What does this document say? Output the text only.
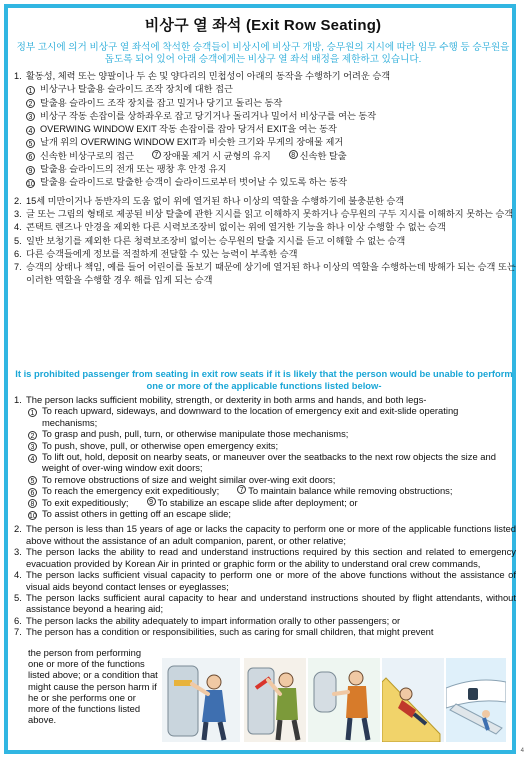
비상구 열 좌석 (Exit Row Seating)
정부 고시에 의거 비상구 열 좌석에 착석한 승객들이 비상시에 비상구 개방, 승무원의 지시에 따라 임무 수행 등 승무원을 돕도록 되어 있어 아래 승객에게는 비상구 열 좌석 배정을 제한하고 있습니다.
1. 활동성, 체력 또는 양팔이나 두 손 및 양다리의 민첩성이 아래의 동작을 수행하기 어려운 승객
1 비상구나 탈출용 슬라이드 조작 장치에 대한 접근
2 탈출용 슬라이드 조작 장치를 잡고 밀거나 당기고 돌리는 동작
3 비상구 작동 손잡이를 상하좌우로 잡고 당기거나 돌리거나 밀어서 비상구를 여는 동작
4 OVERWING WINDOW EXIT 작동 손잡이를 잡아 당겨서 EXIT을 여는 동작
5 날개 위의 OVERWING WINDOW EXIT과 비슷한 크기와 무게의 장애물 제거
6 신속한 비상구로의 접근	7 장애물 제거 시 균형의 유지	8 신속한 탈출
9 탈출용 슬라이드의 전개 또는 팽창 후 안정 유지
10 탈출용 슬라이드로 탈출한 승객이 슬라이드로부터 벗어날 수 있도록 하는 동작
2. 15세 미만이거나 동반자의 도움 없이 위에 열거된 하나 이상의 역할을 수행하기에 불충분한 승객
3. 글 또는 그림의 형태로 제공된 비상 탈출에 관한 지시를 읽고 이해하지 못하거나 승무원의 구두 지시를 이해하지 못하는 승객
4. 콘택트 렌즈나 안경을 제외한 다른 시력보조장비 없이는 위에 열거한 기능을 하나 이상 수행할 수 없는 승객
5. 일반 보청기를 제외한 다른 청력보조장비 없이는 승무원의 탈출 지시를 듣고 이해할 수 없는 승객
6. 다른 승객들에게 정보를 적절하게 전달할 수 있는 능력이 부족한 승객
7. 승객의 상태나 책임, 예를 들어 어린이를 돌보기 때문에 상기에 열거된 하나 이상의 역할을 수행하는데 방해가 되는 승객 또는 이러한 역할을 수행할 경우 해를 입게 되는 승객
It is prohibited passenger from seating in exit row seats if it is likely that the person would be unable to perform one or more of the applicable functions listed below-
1. The person lacks sufficient mobility, strength, or dexterity in both arms and hands, and both legs-
1 To reach upward, sideways, and downward to the location of emergency exit and exit-slide operating mechanisms;
2 To grasp and push, pull, turn, or otherwise manipulate those mechanisms;
3 To push, shove, pull, or otherwise open emergency exits;
4 To lift out, hold, deposit on nearby seats, or maneuver over the seatbacks to the next row objects the size and weight of over-wing window exit doors;
5 To remove obstructions of size and weight similar over-wing exit doors;
6 To reach the emergency exit expeditiously;	7 To maintain balance while removing obstructions;
8 To exit expeditiously;	9 To stabilize an escape slide after deployment; or
10 To assist others in getting off an escape slide;
2. The person is less than 15 years of age or lacks the capacity to perform one or more of the applicable functions listed above without the assistance of an adult companion, parent, or other relative;
3. The person lacks the ability to read and understand instructions required by this section and related to emergency evacuation provided by Korean Air in printed or graphic form or the ability to understand oral crew commands,
4. The person lacks sufficient visual capacity to perform one or more of the above functions without the assistance of visual aids beyond contact lenses or eyeglasses;
5. The person lacks sufficient aural capacity to hear and understand instructions shouted by flight attendants, without assistance beyond a hearing aid;
6. The person lacks the ability adequately to impart information orally to other passengers; or
7. The person has a condition or responsibilities, such as caring for small children, that might prevent
the person from performing one or more of the functions listed above; or a condition that might cause the person harm if he or she performs one or more of the functions listed above.
4
